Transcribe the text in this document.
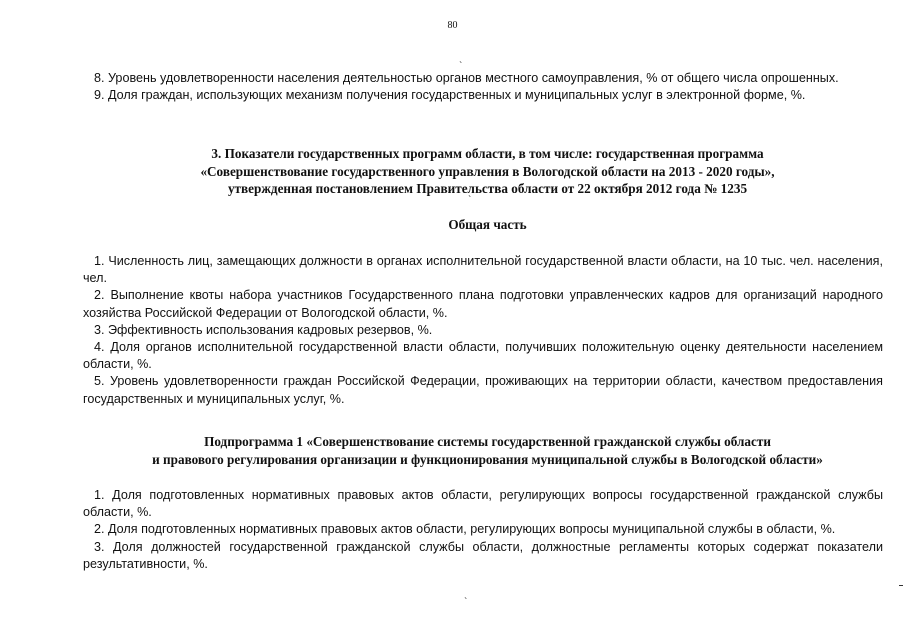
80
ˋ

8. Уровень удовлетворенности населения деятельностью органов местного самоуправления, % от общего числа опрошенных.

9. Доля граждан, использующих механизм получения государственных и муниципальных услуг в электронной форме, %.

3. Показатели государственных программ области, в том числе: государственная программа
«Совершенствование государственного управления в Вологодской области на 2013 - 2020 годы»,
утвержденная постановлением Правительства области от 22 октября 2012 года № 1235
ˋ
Общая часть

1. Численность лиц, замещающих должности в органах исполнительной государственной власти области, на 10 тыс. чел. населения, чел.

2. Выполнение квоты набора участников Государственного плана подготовки управленческих кадров для организаций народного хозяйства Российской Федерации от Вологодской области, %.

3. Эффективность использования кадровых резервов, %.

4. Доля органов исполнительной государственной власти области, получивших положительную оценку деятельности населением области, %.

5. Уровень удовлетворенности граждан Российской Федерации, проживающих на территории области, качеством предоставления государственных и муниципальных услуг, %.

Подпрограмма 1 «Совершенствование системы государственной гражданской службы области
и правового регулирования организации и функционирования муниципальной службы в Вологодской области»

1. Доля подготовленных нормативных правовых актов области, регулирующих вопросы государственной гражданской службы области, %.

2. Доля подготовленных нормативных правовых актов области, регулирующих вопросы муниципальной службы в области, %.

3. Доля должностей государственной гражданской службы области, должностные регламенты которых содержат показатели результативности, %.

ˋ
